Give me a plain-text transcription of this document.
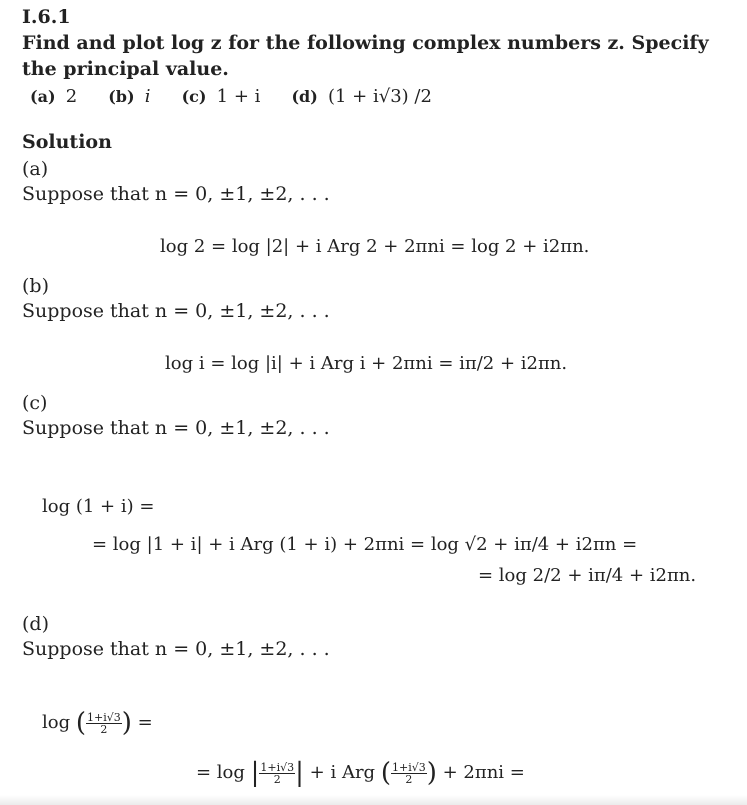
I.6.1
Find and plot log z for the following complex numbers z. Specify
the principal value.
(a) 2 (b) i (c) 1 + i (d) (1 + i√3) /2
Solution
(a)
Suppose that n = 0, ±1, ±2, . . .
log 2 = log |2| + i Arg 2 + 2πni = log 2 + i2πn.
(b)
Suppose that n = 0, ±1, ±2, . . .
log i = log |i| + i Arg i + 2πni = iπ/2 + i2πn.
(c)
Suppose that n = 0, ±1, ±2, . . .
log (1 + i) =
= log |1 + i| + i Arg (1 + i) + 2πni = log √2 + iπ/4 + i2πn =
= log 2/2 + iπ/4 + i2πn.
(d)
Suppose that n = 0, ±1, ±2, . . .
log ( $\frac{1+i√3}{2}$ ) =
= log | $\frac{1+i√3}{2}$ | + i Arg ( $\frac{1+i√3}{2}$ ) + 2πni =
